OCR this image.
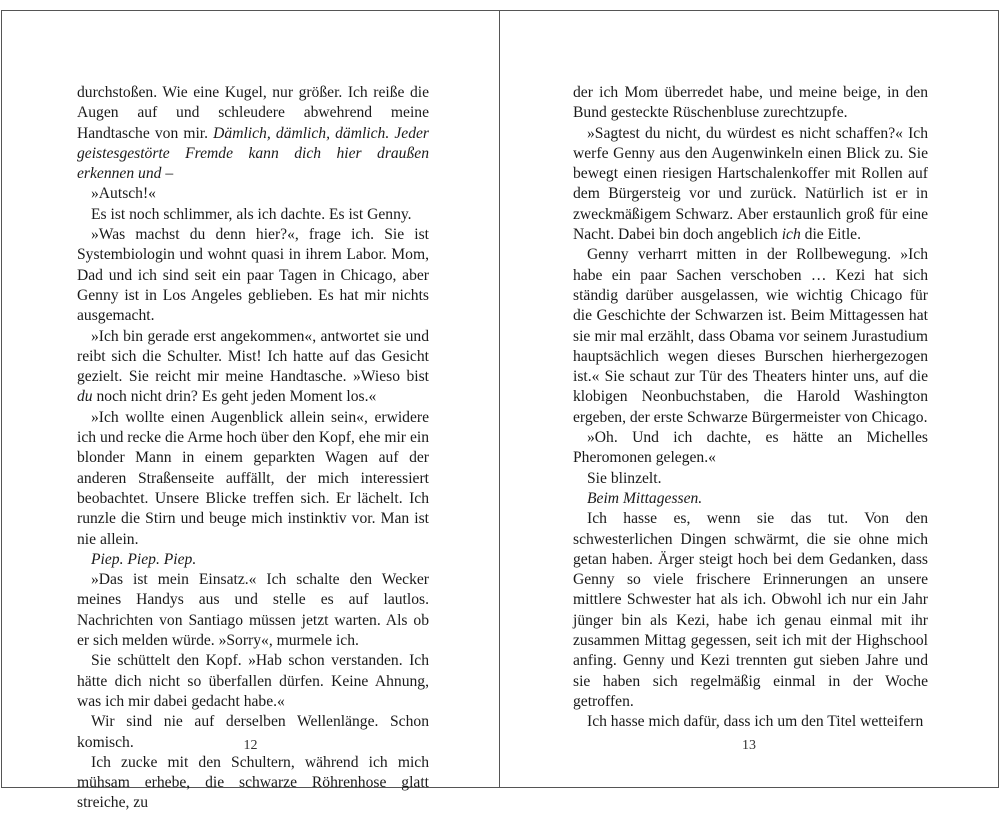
durchstoßen. Wie eine Kugel, nur größer. Ich reiße die Augen auf und schleudere abwehrend meine Handtasche von mir. Dämlich, dämlich, dämlich. Jeder geistesgestörte Fremde kann dich hier draußen erkennen und –

»Autsch!«

Es ist noch schlimmer, als ich dachte. Es ist Genny.

»Was machst du denn hier?«, frage ich. Sie ist Systembiologin und wohnt quasi in ihrem Labor. Mom, Dad und ich sind seit ein paar Tagen in Chicago, aber Genny ist in Los Angeles geblieben. Es hat mir nichts ausgemacht.

»Ich bin gerade erst angekommen«, antwortet sie und reibt sich die Schulter. Mist! Ich hatte auf das Gesicht gezielt. Sie reicht mir meine Handtasche. »Wieso bist du noch nicht drin? Es geht jeden Moment los.«

»Ich wollte einen Augenblick allein sein«, erwidere ich und recke die Arme hoch über den Kopf, ehe mir ein blonder Mann in einem geparkten Wagen auf der anderen Straßenseite auffällt, der mich interessiert beobachtet. Unsere Blicke treffen sich. Er lächelt. Ich runzle die Stirn und beuge mich instinktiv vor. Man ist nie allein.

Piep. Piep. Piep.

»Das ist mein Einsatz.« Ich schalte den Wecker meines Handys aus und stelle es auf lautlos. Nachrichten von Santiago müssen jetzt warten. Als ob er sich melden würde. »Sorry«, murmele ich.

Sie schüttelt den Kopf. »Hab schon verstanden. Ich hätte dich nicht so überfallen dürfen. Keine Ahnung, was ich mir dabei gedacht habe.«

Wir sind nie auf derselben Wellenlänge. Schon komisch.

Ich zucke mit den Schultern, während ich mich mühsam erhebe, die schwarze Röhrenhose glatt streiche, zu

12

der ich Mom überredet habe, und meine beige, in den Bund gesteckte Rüschenbluse zurechtzupfe.

»Sagtest du nicht, du würdest es nicht schaffen?« Ich werfe Genny aus den Augenwinkeln einen Blick zu. Sie bewegt einen riesigen Hartschalenkoffer mit Rollen auf dem Bürgersteig vor und zurück. Natürlich ist er in zweckmäßigem Schwarz. Aber erstaunlich groß für eine Nacht. Dabei bin doch angeblich ich die Eitle.

Genny verharrt mitten in der Rollbewegung. »Ich habe ein paar Sachen verschoben … Kezi hat sich ständig darüber ausgelassen, wie wichtig Chicago für die Geschichte der Schwarzen ist. Beim Mittagessen hat sie mir mal erzählt, dass Obama vor seinem Jurastudium hauptsächlich wegen dieses Burschen hierhergezogen ist.« Sie schaut zur Tür des Theaters hinter uns, auf die klobigen Neonbuchstaben, die Harold Washington ergeben, der erste Schwarze Bürgermeister von Chicago.

»Oh. Und ich dachte, es hätte an Michelles Pheromonen gelegen.«

Sie blinzelt.

Beim Mittagessen.

Ich hasse es, wenn sie das tut. Von den schwesterlichen Dingen schwärmt, die sie ohne mich getan haben. Ärger steigt hoch bei dem Gedanken, dass Genny so viele frischere Erinnerungen an unsere mittlere Schwester hat als ich. Obwohl ich nur ein Jahr jünger bin als Kezi, habe ich genau einmal mit ihr zusammen Mittag gegessen, seit ich mit der Highschool anfing. Genny und Kezi trennten gut sieben Jahre und sie haben sich regelmäßig einmal in der Woche getroffen.

Ich hasse mich dafür, dass ich um den Titel wetteifern

13
